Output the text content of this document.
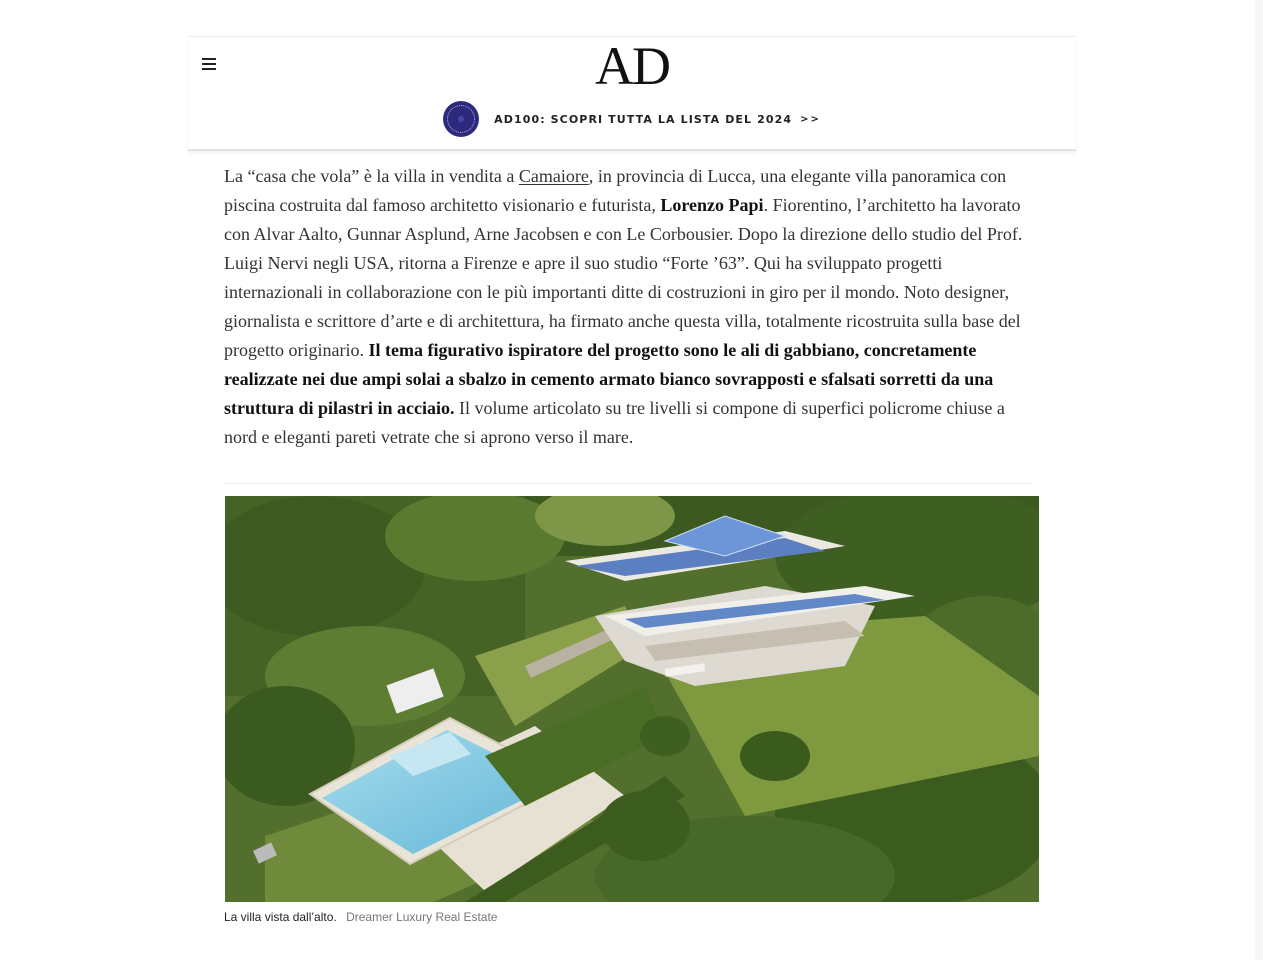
AD
AD100: SCOPRI TUTTA LA LISTA DEL 2024 >>

La “casa che vola” è la villa in vendita a Camaiore, in provincia di Lucca, una elegante villa panoramica con piscina costruita dal famoso architetto visionario e futurista, Lorenzo Papi. Fiorentino, l’architetto ha lavorato con Alvar Aalto, Gunnar Asplund, Arne Jacobsen e con Le Corbousier. Dopo la direzione dello studio del Prof. Luigi Nervi negli USA, ritorna a Firenze e apre il suo studio “Forte ’63”. Qui ha sviluppato progetti internazionali in collaborazione con le più importanti ditte di costruzioni in giro per il mondo. Noto designer, giornalista e scrittore d’arte e di architettura, ha firmato anche questa villa, totalmente ricostruita sulla base del progetto originario. Il tema figurativo ispiratore del progetto sono le ali di gabbiano, concretamente realizzate nei due ampi solai a sbalzo in cemento armato bianco sovrapposti e sfalsati sorretti da una struttura di pilastri in acciaio. Il volume articolato su tre livelli si compone di superfici policrome chiuse a nord e eleganti pareti vetrate che si aprono verso il mare.

La villa vista dall’alto. Dreamer Luxury Real Estate
